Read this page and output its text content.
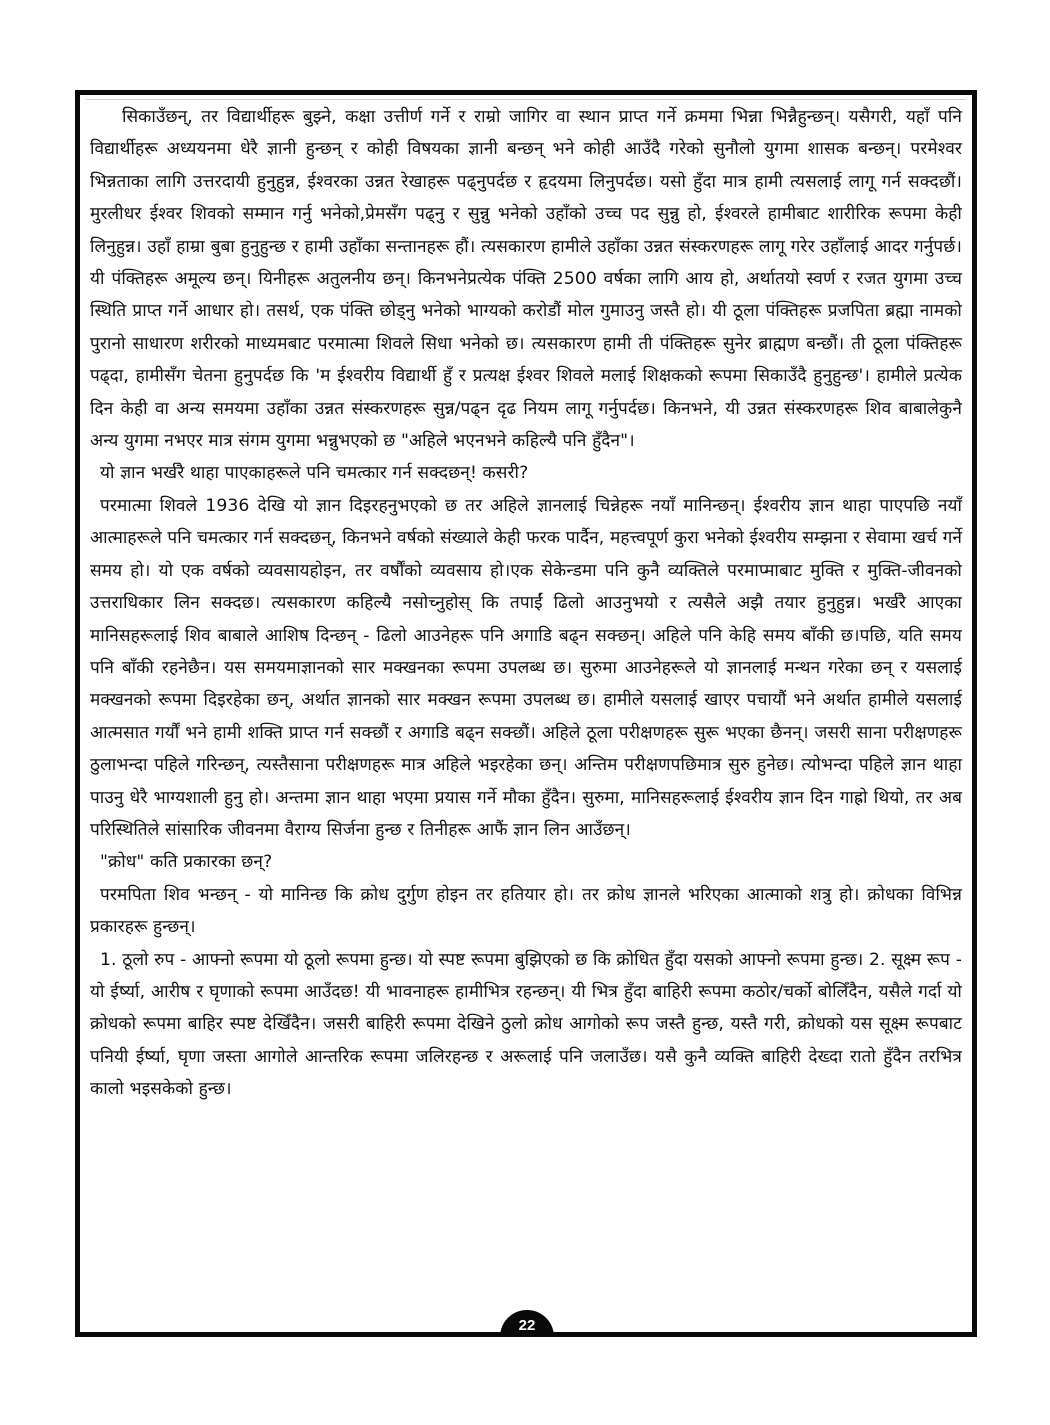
सिकाउँछन्, तर विद्यार्थीहरू बुझ्ने, कक्षा उत्तीर्ण गर्ने र राम्रो जागिर वा स्थान प्राप्त गर्ने क्रममा भिन्ना भिन्नैहुन्छन्। यसैगरी, यहाँ पनि विद्यार्थीहरू अध्ययनमा धेरै ज्ञानी हुन्छन् र कोही विषयका ज्ञानी बन्छन् भने कोही आउँदै गरेको सुनौलो युगमा शासक बन्छन्। परमेश्वर भिन्नताका लागि उत्तरदायी हुनुहुन्न, ईश्वरका उन्नत रेखाहरू पढ्नुपर्दछ र हृदयमा लिनुपर्दछ। यसो हुँदा मात्र हामी त्यसलाई लागू गर्न सक्दछौं। मुरलीधर ईश्वर शिवको सम्मान गर्नु भनेको,प्रेमसँग पढ्नु र सुन्नु भनेको उहाँको उच्च पद सुन्नु हो, ईश्वरले हामीबाट शारीरिक रूपमा केही लिनुहुन्न। उहाँ हाम्रा बुबा हुनुहुन्छ र हामी उहाँका सन्तानहरू हौं। त्यसकारण हामीले उहाँका उन्नत संस्करणहरू लागू गरेर उहाँलाई आदर गर्नुपर्छ। यी पंक्तिहरू अमूल्य छन्। यिनीहरू अतुलनीय छन्। किनभनेप्रत्येक पंक्ति 2500 वर्षका लागि आय हो, अर्थातयो स्वर्ण र रजत युगमा उच्च स्थिति प्राप्त गर्ने आधार हो। तसर्थ, एक पंक्ति छोड्नु भनेको भाग्यको करोडौं मोल गुमाउनु जस्तै हो। यी ठूला पंक्तिहरू प्रजपिता ब्रह्मा नामको पुरानो साधारण शरीरको माध्यमबाट परमात्मा शिवले सिधा भनेको छ। त्यसकारण हामी ती पंक्तिहरू सुनेर ब्राह्मण बन्छौं। ती ठूला पंक्तिहरू पढ्दा, हामीसँग चेतना हुनुपर्दछ कि 'म ईश्वरीय विद्यार्थी हुँ र प्रत्यक्ष ईश्वर शिवले मलाई शिक्षकको रूपमा सिकाउँदै हुनुहुन्छ'। हामीले प्रत्येक दिन केही वा अन्य समयमा उहाँका उन्नत संस्करणहरू सुन्न/पढ्न दृढ नियम लागू गर्नुपर्दछ। किनभने, यी उन्नत संस्करणहरू शिव बाबालेकुनै अन्य युगमा नभएर मात्र संगम युगमा भन्नुभएको छ "अहिले भएनभने कहिल्यै पनि हुँदैन"।

यो ज्ञान भर्खरै थाहा पाएकाहरूले पनि चमत्कार गर्न सक्दछन्! कसरी?

परमात्मा शिवले 1936 देखि यो ज्ञान दिइरहनुभएको छ तर अहिले ज्ञानलाई चिन्नेहरू नयाँ मानिन्छन्। ईश्वरीय ज्ञान थाहा पाएपछि नयाँ आत्माहरूले पनि चमत्कार गर्न सक्दछन्, किनभने वर्षको संख्याले केही फरक पार्दैन, महत्त्वपूर्ण कुरा भनेको ईश्वरीय सम्झना र सेवामा खर्च गर्ने समय हो। यो एक वर्षको व्यवसायहोइन, तर वर्षौंको व्यवसाय हो।एक सेकेन्डमा पनि कुनै व्यक्तिले परमाप्माबाट मुक्ति र मुक्ति-जीवनको उत्तराधिकार लिन सक्दछ। त्यसकारण कहिल्यै नसोच्नुहोस् कि तपाईं ढिलो आउनुभयो र त्यसैले अझै तयार हुनुहुन्न। भर्खरै आएका मानिसहरूलाई शिव बाबाले आशिष दिन्छन् - ढिलो आउनेहरू पनि अगाडि बढ्न सक्छन्। अहिले पनि केहि समय बाँकी छ।पछि, यति समय पनि बाँकी रहनेछैन। यस समयमाज्ञानको सार मक्खनका रूपमा उपलब्ध छ। सुरुमा आउनेहरूले यो ज्ञानलाई मन्थन गरेका छन् र यसलाई मक्खनको रूपमा दिइरहेका छन्, अर्थात ज्ञानको सार मक्खन रूपमा उपलब्ध छ। हामीले यसलाई खाएर पचायौं भने अर्थात हामीले यसलाई आत्मसात गर्यौं भने हामी शक्ति प्राप्त गर्न सक्छौं र अगाडि बढ्न सक्छौं। अहिले ठूला परीक्षणहरू सुरू भएका छैनन्। जसरी साना परीक्षणहरू ठुलाभन्दा पहिले गरिन्छन्, त्यस्तैसाना परीक्षणहरू मात्र अहिले भइरहेका छन्। अन्तिम परीक्षणपछिमात्र सुरु हुनेछ। त्योभन्दा पहिले ज्ञान थाहा पाउनु धेरै भाग्यशाली हुनु हो। अन्तमा ज्ञान थाहा भएमा प्रयास गर्ने मौका हुँदैन। सुरुमा, मानिसहरूलाई ईश्वरीय ज्ञान दिन गाह्रो थियो, तर अब परिस्थितिले सांसारिक जीवनमा वैराग्य सिर्जना हुन्छ र तिनीहरू आफैं ज्ञान लिन आउँछन्।

"क्रोध" कति प्रकारका छन्?

परमपिता शिव भन्छन् - यो मानिन्छ कि क्रोध दुर्गुण होइन तर हतियार हो। तर क्रोध ज्ञानले भरिएका आत्माको शत्रु हो। क्रोधका विभिन्न प्रकारहरू हुन्छन्।

1. ठूलो रुप - आफ्नो रूपमा यो ठूलो रूपमा हुन्छ। यो स्पष्ट रूपमा बुझिएको छ कि क्रोधित हुँदा यसको आफ्नो रूपमा हुन्छ। 2. सूक्ष्म रूप - यो ईर्ष्या, आरीष र घृणाको रूपमा आउँदछ! यी भावनाहरू हामीभित्र रहन्छन्। यी भित्र हुँदा बाहिरी रूपमा कठोर/चर्को बोलिँदैन, यसैले गर्दा यो क्रोधको रूपमा बाहिर स्पष्ट देखिँदैन। जसरी बाहिरी रूपमा देखिने ठुलो क्रोध आगोको रूप जस्तै हुन्छ, यस्तै गरी, क्रोधको यस सूक्ष्म रूपबाट पनियी ईर्ष्या, घृणा जस्ता आगोले आन्तरिक रूपमा जलिरहन्छ र अरूलाई पनि जलाउँछ। यसै कुनै व्यक्ति बाहिरी देख्दा रातो हुँदैन तरभित्र कालो भइसकेको हुन्छ।

22
